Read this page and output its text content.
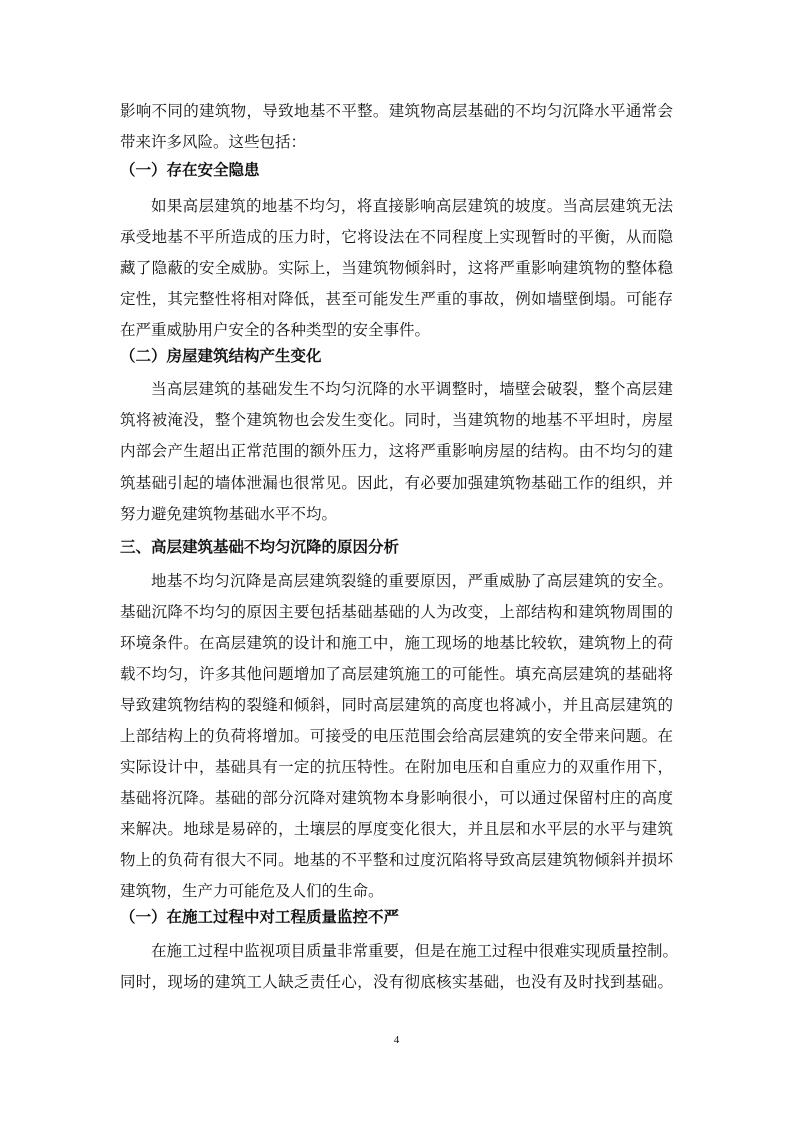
影响不同的建筑物，导致地基不平整。建筑物高层基础的不均匀沉降水平通常会
带来许多风险。这些包括：
（一）存在安全隐患
如果高层建筑的地基不均匀，将直接影响高层建筑的坡度。当高层建筑无法
承受地基不平所造成的压力时，它将设法在不同程度上实现暂时的平衡，从而隐
藏了隐蔽的安全威胁。实际上，当建筑物倾斜时，这将严重影响建筑物的整体稳
定性，其完整性将相对降低，甚至可能发生严重的事故，例如墙壁倒塌。可能存
在严重威胁用户安全的各种类型的安全事件。
（二）房屋建筑结构产生变化
当高层建筑的基础发生不均匀沉降的水平调整时，墙壁会破裂，整个高层建
筑将被淹没，整个建筑物也会发生变化。同时，当建筑物的地基不平坦时，房屋
内部会产生超出正常范围的额外压力，这将严重影响房屋的结构。由不均匀的建
筑基础引起的墙体泄漏也很常见。因此，有必要加强建筑物基础工作的组织，并
努力避免建筑物基础水平不均。
三、高层建筑基础不均匀沉降的原因分析
地基不均匀沉降是高层建筑裂缝的重要原因，严重威胁了高层建筑的安全。
基础沉降不均匀的原因主要包括基础基础的人为改变，上部结构和建筑物周围的
环境条件。在高层建筑的设计和施工中，施工现场的地基比较软，建筑物上的荷
载不均匀，许多其他问题增加了高层建筑施工的可能性。填充高层建筑的基础将
导致建筑物结构的裂缝和倾斜，同时高层建筑的高度也将减小，并且高层建筑的
上部结构上的负荷将增加。可接受的电压范围会给高层建筑的安全带来问题。在
实际设计中，基础具有一定的抗压特性。在附加电压和自重应力的双重作用下，
基础将沉降。基础的部分沉降对建筑物本身影响很小，可以通过保留村庄的高度
来解决。地球是易碎的，土壤层的厚度变化很大，并且层和水平层的水平与建筑
物上的负荷有很大不同。地基的不平整和过度沉陷将导致高层建筑物倾斜并损坏
建筑物，生产力可能危及人们的生命。
（一）在施工过程中对工程质量监控不严
在施工过程中监视项目质量非常重要，但是在施工过程中很难实现质量控制。
同时，现场的建筑工人缺乏责任心，没有彻底核实基础，也没有及时找到基础。
4
